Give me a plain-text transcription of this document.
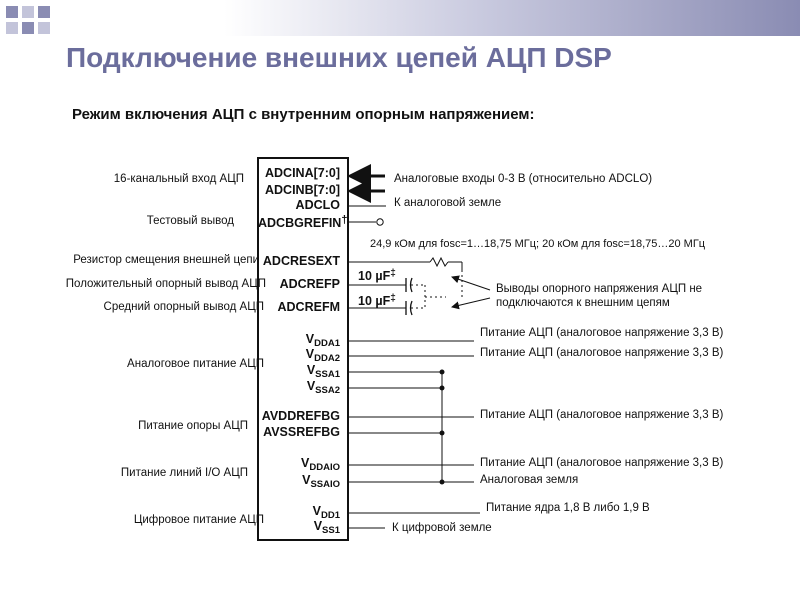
Подключение внешних цепей АЦП DSP
Режим включения АЦП с внутренним опорным напряжением:
16-канальный вход АЦП
Тестовый вывод
Резистор смещения внешней цепи
Положительный опорный вывод АЦП
Средний опорный вывод АЦП
Аналоговое питание АЦП
Питание опоры АЦП
Питание линий I/O АЦП
Цифровое питание АЦП
ADCINA[7:0]
ADCINB[7:0]
ADCLO
ADCBGREFIN†
ADCRESEXT
ADCREFP
ADCREFM
$V_{DDA1}$
$V_{DDA2}$
$V_{SSA1}$
$V_{SSA2}$
AVDDREFBG
AVSSREFBG
$V_{DDAIO}$
$V_{SSAIO}$
$V_{DD1}$
$V_{SS1}$
10 µF‡
10 µF‡
Аналоговые входы 0-3 В (относительно ADCLO)
К аналоговой земле
24,9 кОм для fosc=1…18,75 МГц; 20 кОм для fosc=18,75…20 МГц
Выводы опорного напряжения АЦП не
подключаются к внешним цепям
Питание АЦП (аналоговое напряжение 3,3 В)
Питание АЦП (аналоговое напряжение 3,3 В)
Питание АЦП (аналоговое напряжение 3,3 В)
Питание АЦП (аналоговое напряжение 3,3 В)
Аналоговая земля
Питание ядра 1,8 В либо 1,9 В
К цифровой земле
